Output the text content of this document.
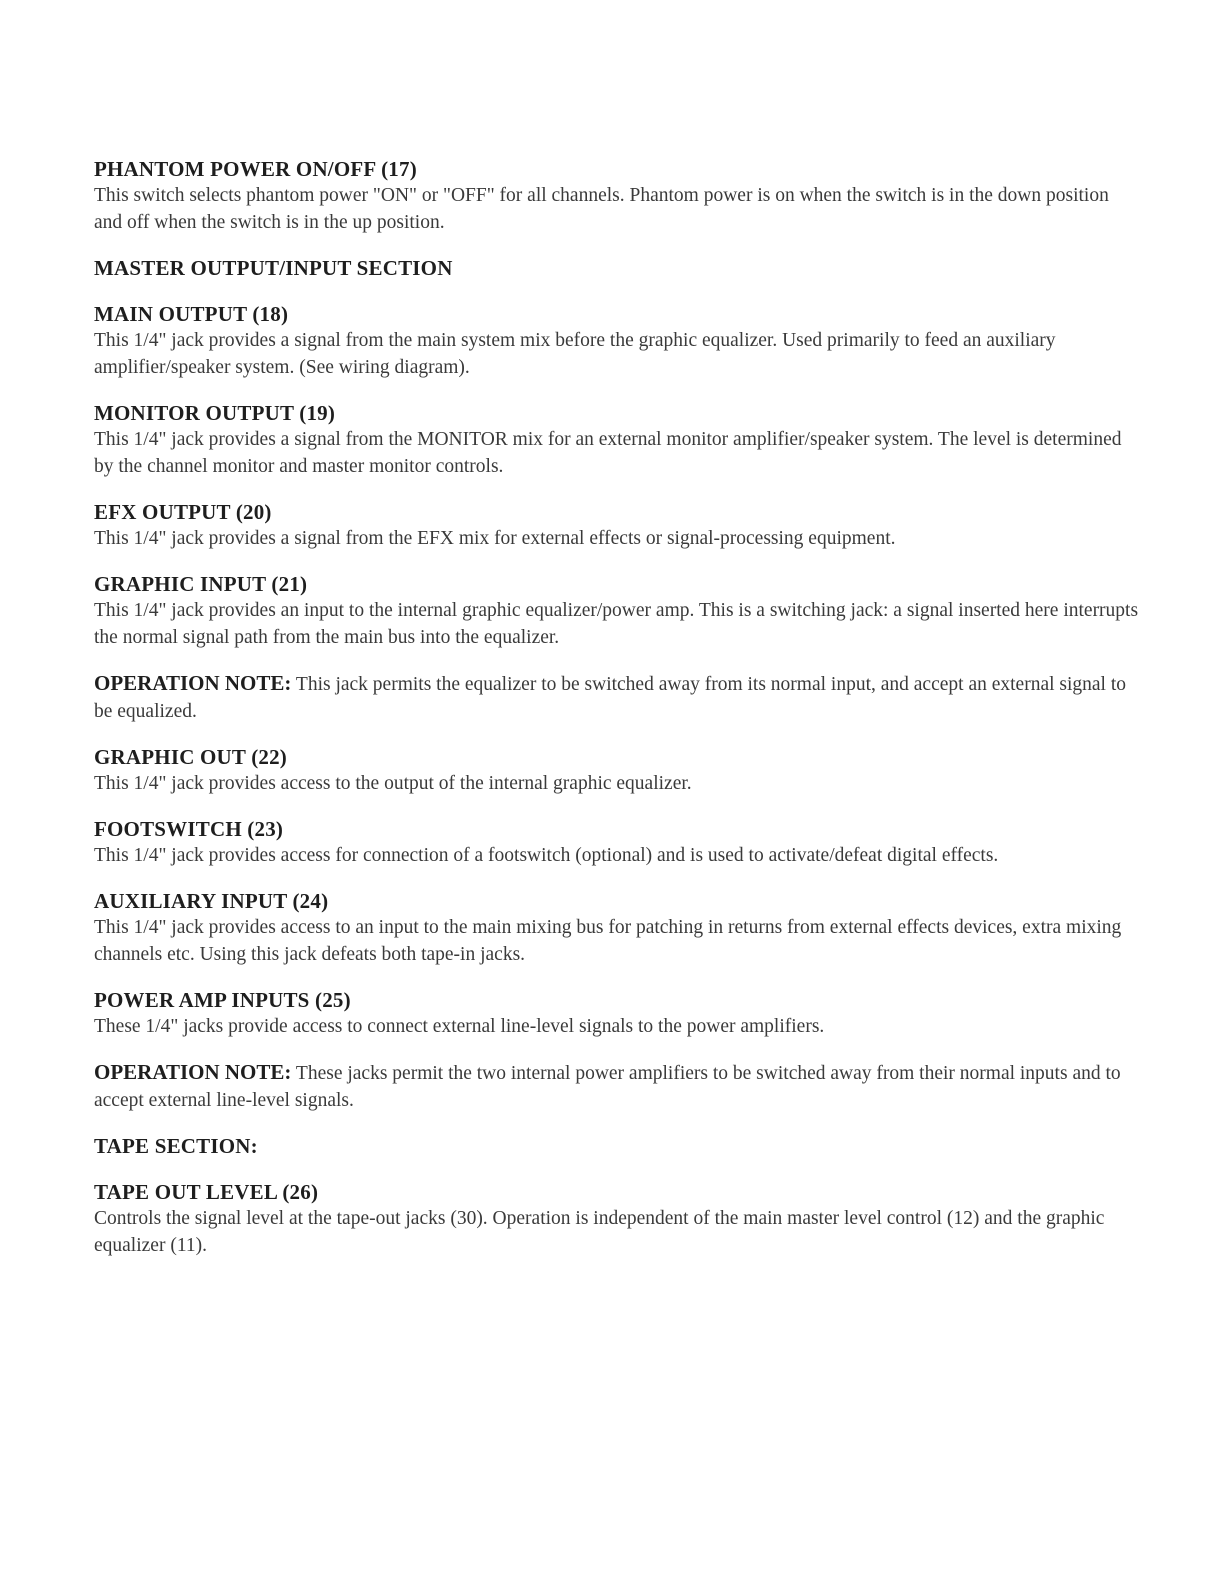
PHANTOM POWER ON/OFF (17)

This switch selects phantom power "ON" or "OFF" for all channels. Phantom power is on when the switch is in the down position and off when the switch is in the up position.

MASTER OUTPUT/INPUT SECTION

MAIN OUTPUT (18)

This 1/4" jack provides a signal from the main system mix before the graphic equalizer. Used primarily to feed an auxiliary amplifier/speaker system. (See wiring diagram).

MONITOR OUTPUT (19)

This 1/4" jack provides a signal from the MONITOR mix for an external monitor amplifier/speaker system. The level is determined by the channel monitor and master monitor controls.

EFX OUTPUT (20)

This 1/4" jack provides a signal from the EFX mix for external effects or signal-processing equipment.

GRAPHIC INPUT (21)

This 1/4" jack provides an input to the internal graphic equalizer/power amp. This is a switching jack: a signal inserted here interrupts the normal signal path from the main bus into the equalizer.

OPERATION NOTE: This jack permits the equalizer to be switched away from its normal input, and accept an external signal to be equalized.

GRAPHIC OUT (22)

This 1/4" jack provides access to the output of the internal graphic equalizer.

FOOTSWITCH (23)

This 1/4" jack provides access for connection of a footswitch (optional) and is used to activate/defeat digital effects.

AUXILIARY INPUT (24)

This 1/4" jack provides access to an input to the main mixing bus for patching in returns from external effects devices, extra mixing channels etc. Using this jack defeats both tape-in jacks.

POWER AMP INPUTS (25)

These 1/4" jacks provide access to connect external line-level signals to the power amplifiers.

OPERATION NOTE: These jacks permit the two internal power amplifiers to be switched away from their normal inputs and to accept external line-level signals.

TAPE SECTION:

TAPE OUT LEVEL (26)

Controls the signal level at the tape-out jacks (30). Operation is independent of the main master level control (12) and the graphic equalizer (11).
